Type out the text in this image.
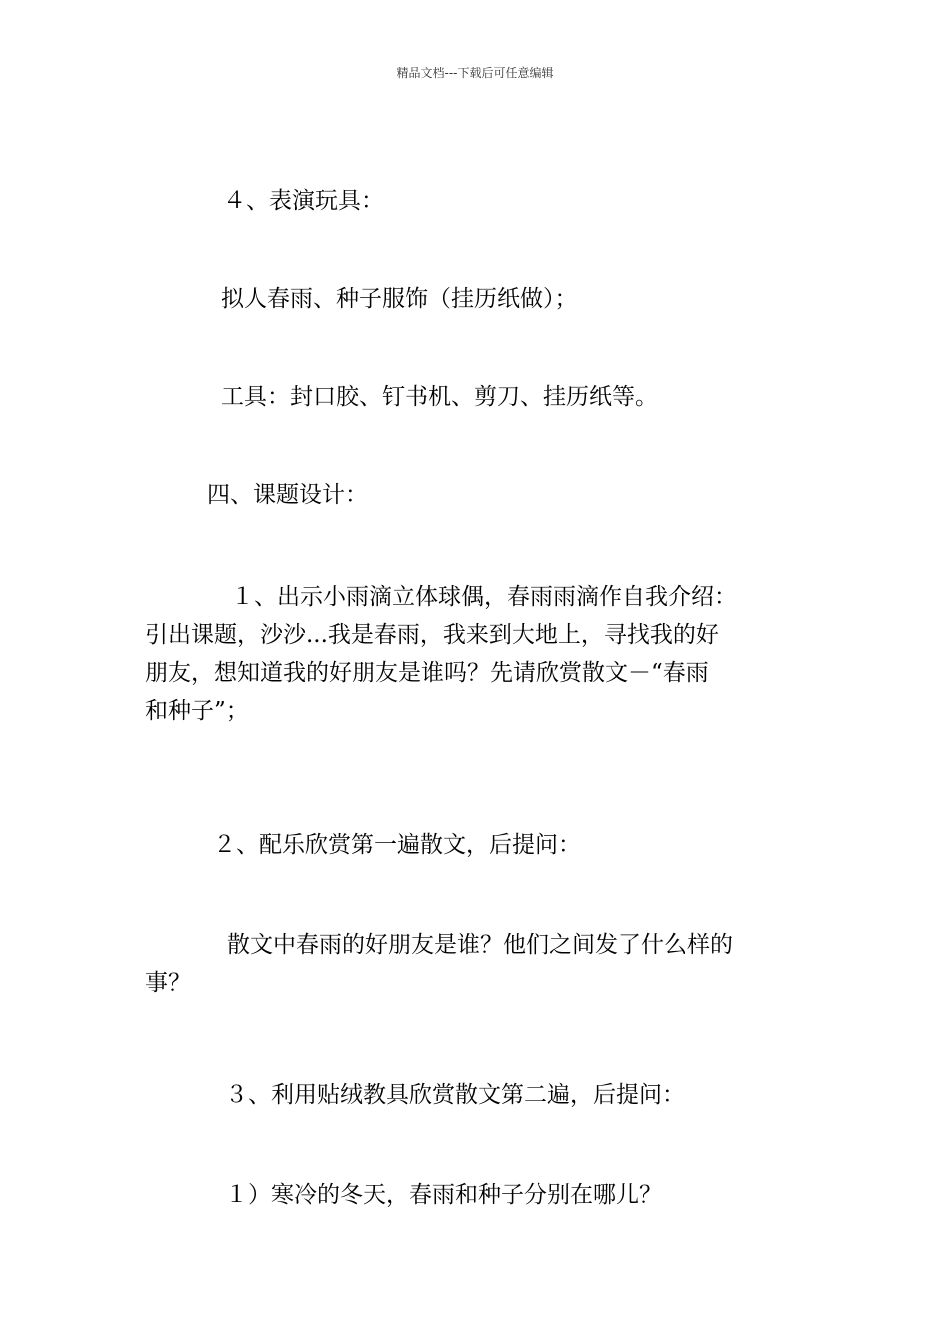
精品文档---下载后可任意编辑
４、表演玩具：
拟人春雨、种子服饰（挂历纸做）；
工具：封口胶、钉书机、剪刀、挂历纸等。
四、课题设计：
１、出示小雨滴立体球偶，春雨雨滴作自我介绍：
引出课题，沙沙...我是春雨，我来到大地上，寻找我的好
朋友，想知道我的好朋友是谁吗？先请欣赏散文－“春雨
和种子”；
２、配乐欣赏第一遍散文，后提问：
散文中春雨的好朋友是谁？他们之间发了什么样的
事？
３、利用贴绒教具欣赏散文第二遍，后提问：
１）寒冷的冬天，春雨和种子分别在哪儿？
